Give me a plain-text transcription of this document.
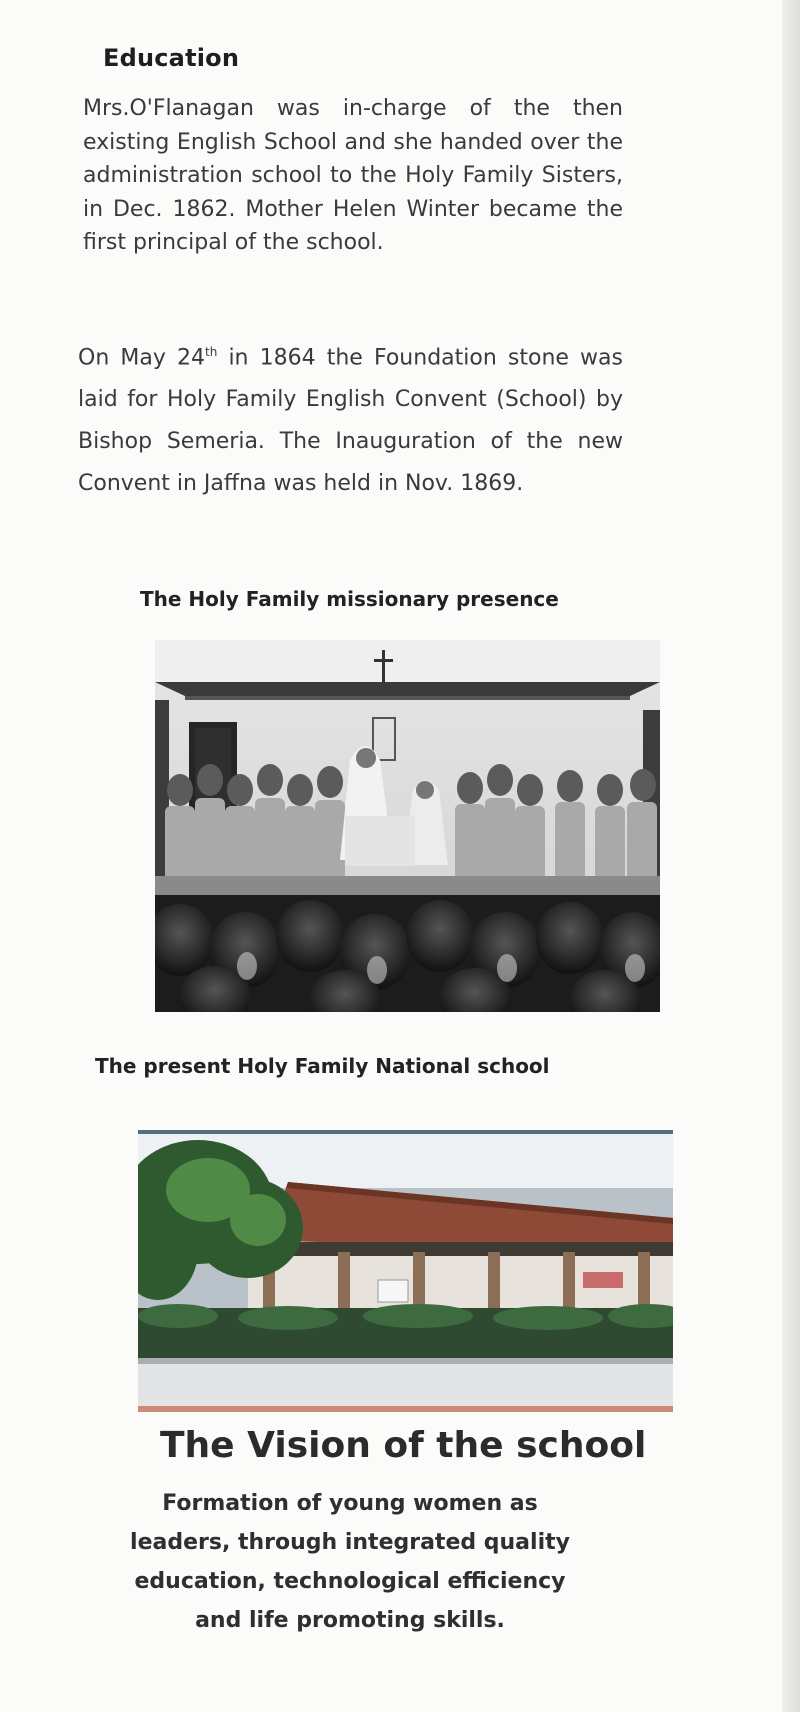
Education

Mrs.O'Flanagan was in-charge of the then existing English School and she handed over the administration school to the Holy Family Sisters, in Dec. 1862. Mother Helen Winter became the first principal of the school.

On May 24th in 1864 the Foundation stone was laid for Holy Family English Convent (School) by Bishop Semeria. The Inauguration of the new Convent in Jaffna was held in Nov. 1869.

The Holy Family missionary presence
The present Holy Family National school
The Vision of the school

Formation of young women as
leaders, through integrated quality
education, technological efficiency
and life promoting skills.
